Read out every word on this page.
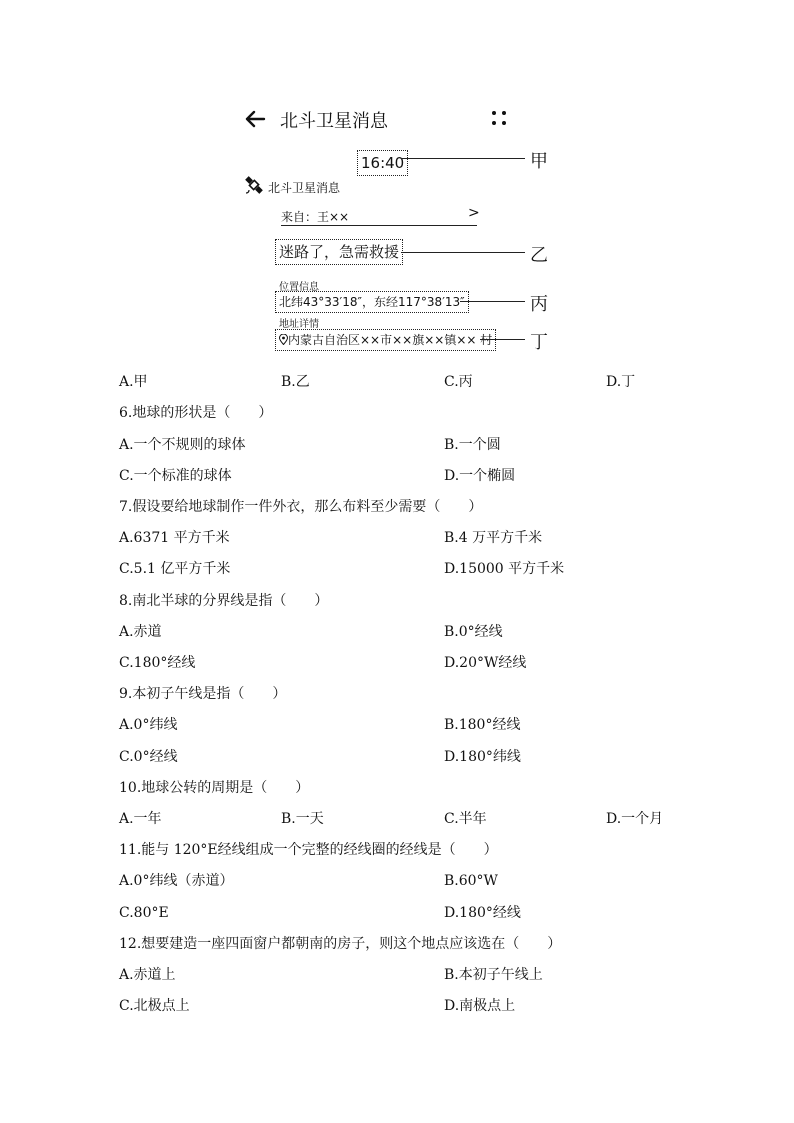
北斗卫星消息
16:40	甲
北斗卫星消息
来自：王××	>
迷路了，急需救援	乙
位置信息
北纬43°33′18″，东经117°38′13″	丙
地址详情
内蒙古自治区××市××旗××镇×× 村 丁
A.甲	B.乙	C.丙	D.丁
6.地球的形状是（　　）
A.一个不规则的球体	B.一个圆
C.一个标准的球体	D.一个椭圆
7.假设要给地球制作一件外衣，那么布料至少需要（　　）
A.6371 平方千米	B.4 万平方千米
C.5.1 亿平方千米	D.15000 平方千米
8.南北半球的分界线是指（　　）
A.赤道	B.0°经线
C.180°经线	D.20°W经线
9.本初子午线是指（　　）
A.0°纬线	B.180°经线
C.0°经线	D.180°纬线
10.地球公转的周期是（　　）
A.一年	B.一天	C.半年	D.一个月
11.能与 120°E经线组成一个完整的经线圈的经线是（　　）
A.0°纬线（赤道）	B.60°W
C.80°E	D.180°经线
12.想要建造一座四面窗户都朝南的房子，则这个地点应该选在（　　）
A.赤道上	B.本初子午线上
C.北极点上	D.南极点上
